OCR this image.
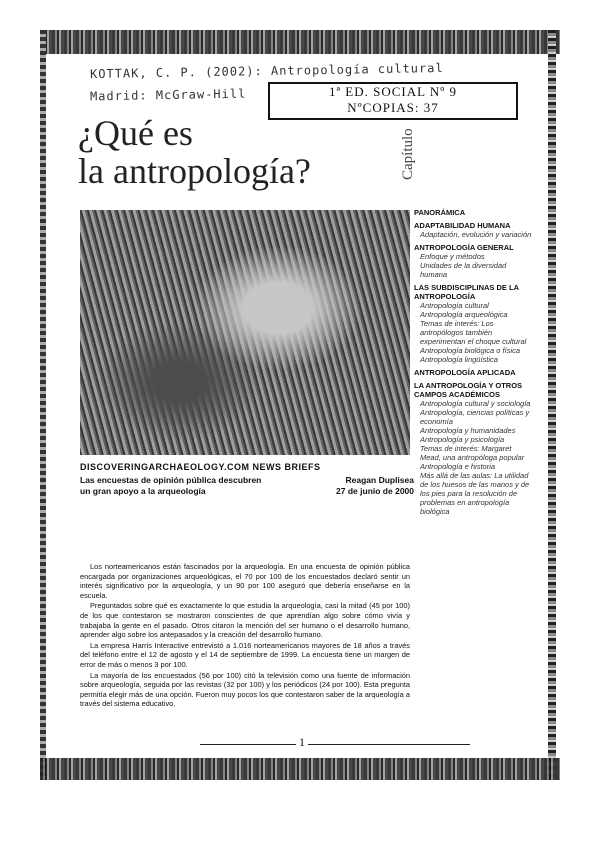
KOTTAK, C. P. (2002): Antropología cultural
Madrid: McGraw-Hill	1ª ED. SOCIAL Nº 9
NºCOPIAS: 37
¿Qué es
la antropología?	Capítulo
DISCOVERINGARCHAEOLOGY.COM NEWS BRIEFS
Las encuestas de opinión pública descubren
un gran apoyo a la arqueología
Reagan Duplisea
27 de junio de 2000
PANORÁMICA
ADAPTABILIDAD HUMANA
Adaptación, evolución y variación
ANTROPOLOGÍA GENERAL
Enfoque y métodos
Unidades de la diversidad humana
LAS SUBDISCIPLINAS DE LA ANTROPOLOGÍA
Antropología cultural
Antropología arqueológica
Temas de interés: Los antropólogos también experimentan el choque cultural
Antropología biológica o física
Antropología lingüística
ANTROPOLOGÍA APLICADA
LA ANTROPOLOGÍA Y OTROS CAMPOS ACADÉMICOS
Antropología cultural y sociología
Antropología, ciencias políticas y economía
Antropología y humanidades
Antropología y psicología
Temas de interés: Margaret Mead, una antropóloga popular
Antropología e historia
Más allá de las aulas: La utilidad de los huesos de las manos y de los pies para la resolución de problemas en antropología biológica

Los norteamericanos están fascinados por la arqueología. En una encuesta de opinión pública encargada por organizaciones arqueológicas, el 70 por 100 de los encuestados declaró sentir un interés significativo por la arqueología, y un 90 por 100 aseguró que debería enseñarse en la escuela.

Preguntados sobre qué es exactamente lo que estudia la arqueología, casi la mitad (45 por 100) de los que contestaron se mostraron conscientes de que aprendían algo sobre cómo vivía y trabajaba la gente en el pasado. Otros citaron la mención del ser humano o el desarrollo humano, aprender algo sobre los antepasados y la creación del desarrollo humano.

La empresa Harris Interactive entrevistó a 1.016 norteamericanos mayores de 18 años a través del teléfono entre el 12 de agosto y el 14 de septiembre de 1999. La encuesta tiene un margen de error de más o menos 3 por 100.

La mayoría de los encuestados (56 por 100) citó la televisión como una fuente de información sobre arqueología, seguida por las revistas (32 por 100) y los periódicos (24 por 100). Esta pregunta permitía elegir más de una opción. Fueron muy pocos los que contestaron saber de la arqueología a través del sistema educativo.

1
